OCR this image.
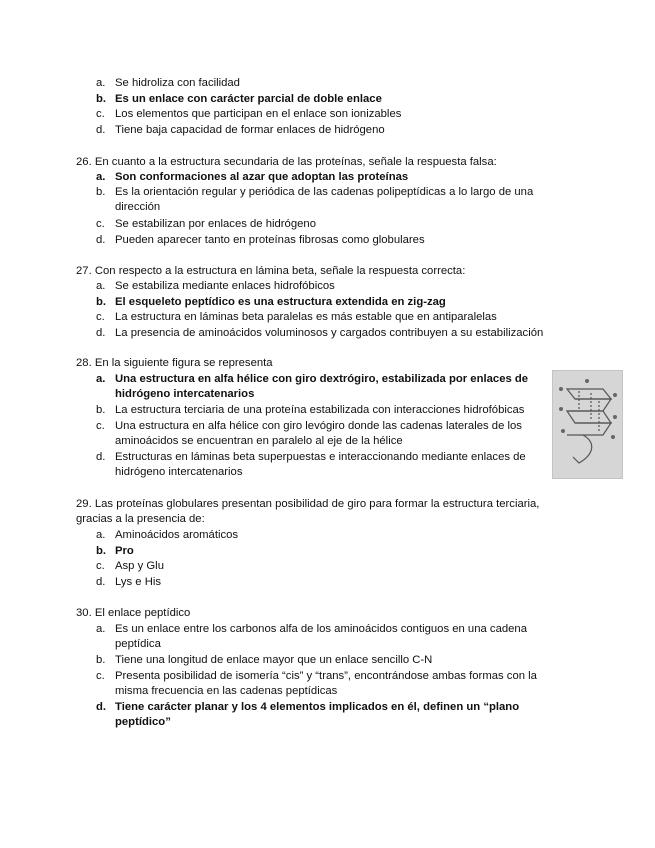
a. Se hidroliza con facilidad
b. Es un enlace con carácter parcial de doble enlace
c. Los elementos que participan en el enlace son ionizables
d. Tiene baja capacidad de formar enlaces de hidrógeno
26. En cuanto a la estructura secundaria de las proteínas, señale la respuesta falsa:
a. Son conformaciones al azar que adoptan las proteínas
b. Es la orientación regular y periódica de las cadenas polipeptídicas a lo largo de una dirección
c. Se estabilizan por enlaces de hidrógeno
d. Pueden aparecer tanto en proteínas fibrosas como globulares
27. Con respecto a la estructura en lámina beta, señale la respuesta correcta:
a. Se estabiliza mediante enlaces hidrofóbicos
b. El esqueleto peptídico es una estructura extendida en zig-zag
c. La estructura en láminas beta paralelas es más estable que en antiparalelas
d. La presencia de aminoácidos voluminosos y cargados contribuyen a su estabilización
28. En la siguiente figura se representa
a. Una estructura en alfa hélice con giro dextrógiro, estabilizada por enlaces de hidrógeno intercatenarios
b. La estructura terciaria de una proteína estabilizada con interacciones hidrofóbicas
c. Una estructura en alfa hélice con giro levógiro donde las cadenas laterales de los aminoácidos se encuentran en paralelo al eje de la hélice
d. Estructuras en láminas beta superpuestas e interaccionando mediante enlaces de hidrógeno intercatenarios
29. Las proteínas globulares presentan posibilidad de giro para formar la estructura terciaria, gracias a la presencia de:
a. Aminoácidos aromáticos
b. Pro
c. Asp y Glu
d. Lys e His
30. El enlace peptídico
a. Es un enlace entre los carbonos alfa de los aminoácidos contiguos en una cadena peptídica
b. Tiene una longitud de enlace mayor que un enlace sencillo C-N
c. Presenta posibilidad de isomería “cis” y “trans”, encontrándose ambas formas con la misma frecuencia en las cadenas peptídicas
d. Tiene carácter planar y los 4 elementos implicados en él, definen un “plano peptídico”
